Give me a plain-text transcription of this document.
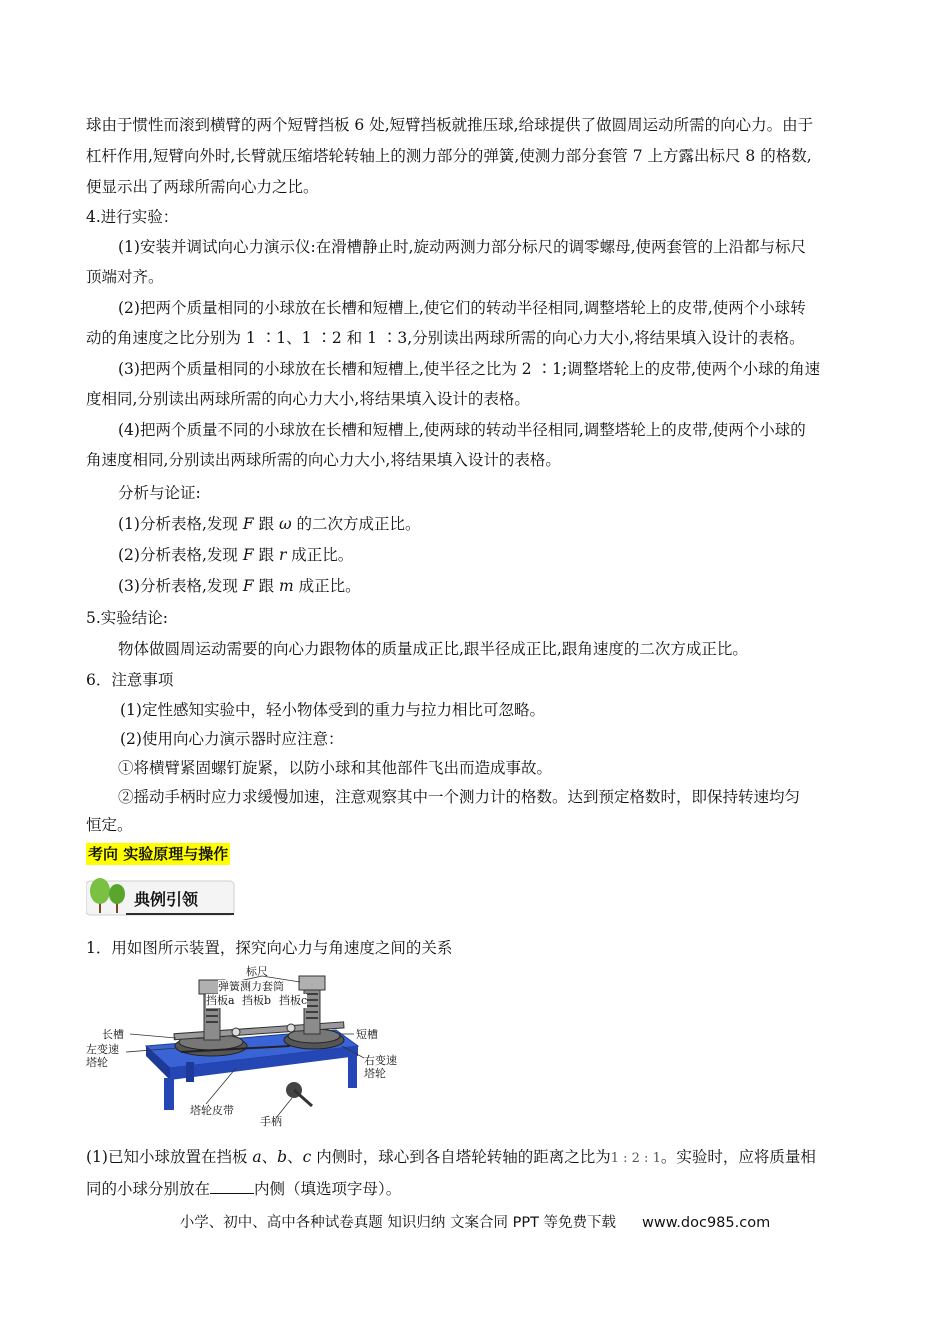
球由于惯性而滚到横臂的两个短臂挡板 6 处,短臂挡板就推压球,给球提供了做圆周运动所需的向心力。由于
杠杆作用,短臂向外时,长臂就压缩塔轮转轴上的测力部分的弹簧,使测力部分套管 7 上方露出标尺 8 的格数,
便显示出了两球所需向心力之比。
4.进行实验：
(1)安装并调试向心力演示仪:在滑槽静止时,旋动两测力部分标尺的调零螺母,使两套管的上沿都与标尺
顶端对齐。
(2)把两个质量相同的小球放在长槽和短槽上,使它们的转动半径相同,调整塔轮上的皮带,使两个小球转
动的角速度之比分别为 1 ∶1、1 ∶2 和 1 ∶3,分别读出两球所需的向心力大小,将结果填入设计的表格。
(3)把两个质量相同的小球放在长槽和短槽上,使半径之比为 2 ∶1;调整塔轮上的皮带,使两个小球的角速
度相同,分别读出两球所需的向心力大小,将结果填入设计的表格。
(4)把两个质量不同的小球放在长槽和短槽上,使两球的转动半径相同,调整塔轮上的皮带,使两个小球的
角速度相同,分别读出两球所需的向心力大小,将结果填入设计的表格。
分析与论证:
(1)分析表格,发现 F 跟 ω 的二次方成正比。
(2)分析表格,发现 F 跟 r 成正比。
(3)分析表格,发现 F 跟 m 成正比。
5.实验结论:
物体做圆周运动需要的向心力跟物体的质量成正比,跟半径成正比,跟角速度的二次方成正比。
6．注意事项
(1)定性感知实验中，轻小物体受到的重力与拉力相比可忽略。
(2)使用向心力演示器时应注意：
①将横臂紧固螺钉旋紧，以防小球和其他部件飞出而造成事故。
②摇动手柄时应力求缓慢加速，注意观察其中一个测力计的格数。达到预定格数时，即保持转速均匀
恒定。
考向 实验原理与操作
典例引领
1．用如图所示装置，探究向心力与角速度之间的关系
标尺
弹簧测力套筒
挡板a 挡板b 挡板c
长槽	短槽
左变速
塔轮	右变速
塔轮
塔轮皮带
手柄
(1)已知小球放置在挡板 a、b、c 内侧时，球心到各自塔轮转轴的距离之比为1 : 2 : 1。实验时，应将质量相
同的小球分别放在	内侧（填选项字母）。
小学、初中、高中各种试卷真题 知识归纳 文案合同 PPT 等免费下载 www.doc985.com
